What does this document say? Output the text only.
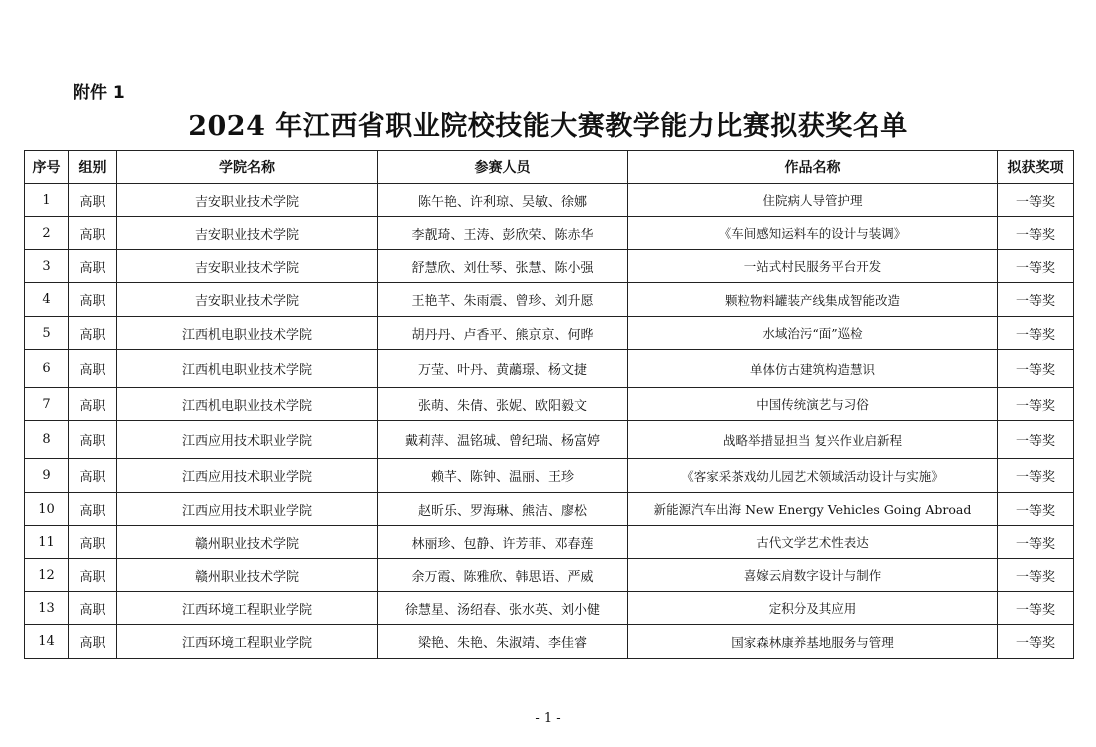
附件 1
2024 年江西省职业院校技能大赛教学能力比赛拟获奖名单
序号	组别	学院名称	参赛人员	作品名称	拟获奖项
1	高职	吉安职业技术学院	陈午艳、许利琼、吴敏、徐娜	住院病人导管护理	一等奖
2	高职	吉安职业技术学院	李靓琦、王涛、彭欣荣、陈赤华	《车间感知运料车的设计与装调》	一等奖
3	高职	吉安职业技术学院	舒慧欣、刘仕琴、张慧、陈小强	一站式村民服务平台开发	一等奖
4	高职	吉安职业技术学院	王艳芊、朱雨震、曾珍、刘升愿	颗粒物料罐装产线集成智能改造	一等奖
5	高职	江西机电职业技术学院	胡丹丹、卢香平、熊京京、何晔	水域治污“面”巡检	一等奖
6	高职	江西机电职业技术学院	万莹、叶丹、黄虉璟、杨文捷	单体仿古建筑构造慧识	一等奖
7	高职	江西机电职业技术学院	张萌、朱倩、张妮、欧阳毅文	中国传统演艺与习俗	一等奖
8	高职	江西应用技术职业学院	戴莉萍、温铭珹、曾纪瑞、杨富婷	战略举措显担当 复兴作业启新程	一等奖
9	高职	江西应用技术职业学院	赖芊、陈钟、温丽、王珍	《客家采茶戏幼儿园艺术领域活动设计与实施》	一等奖
10	高职	江西应用技术职业学院	赵昕乐、罗海琳、熊洁、廖松	新能源汽车出海 New Energy Vehicles Going Abroad	一等奖
11	高职	赣州职业技术学院	林丽珍、包静、许芳菲、邓春莲	古代文学艺术性表达	一等奖
12	高职	赣州职业技术学院	余万霞、陈雅欣、韩思语、严威	喜嫁云肩数字设计与制作	一等奖
13	高职	江西环境工程职业学院	徐慧星、汤绍春、张水英、刘小健	定积分及其应用	一等奖
14	高职	江西环境工程职业学院	梁艳、朱艳、朱淑靖、李佳睿	国家森林康养基地服务与管理	一等奖
- 1 -
